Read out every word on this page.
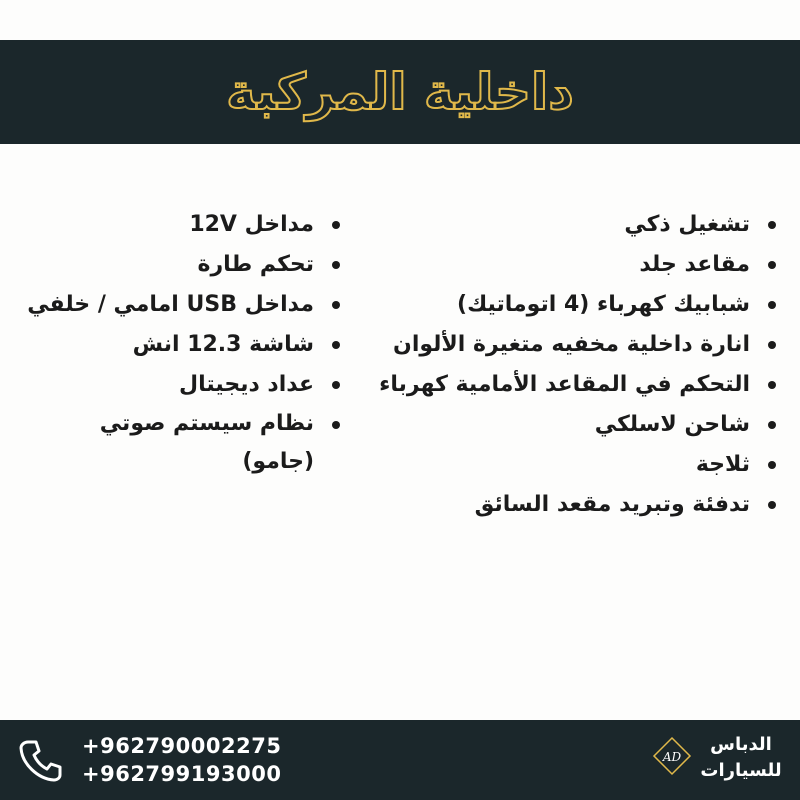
داخلية المركبة
تشغيل ذكي
مقاعد جلد
شبابيك كهرباء (4 اتوماتيك)
انارة داخلية مخفيه متغيرة الألوان
التحكم في المقاعد الأمامية كهرباء
شاحن لاسلكي
ثلاجة
تدفئة وتبريد مقعد السائق
مداخل 12V
تحكم طارة
مداخل USB امامي / خلفي
شاشة 12.3 انش
عداد ديجيتال
نظام سيستم صوتي (جامو)
+962790002275
+962799193000
AD
الدباس
للسيارات
